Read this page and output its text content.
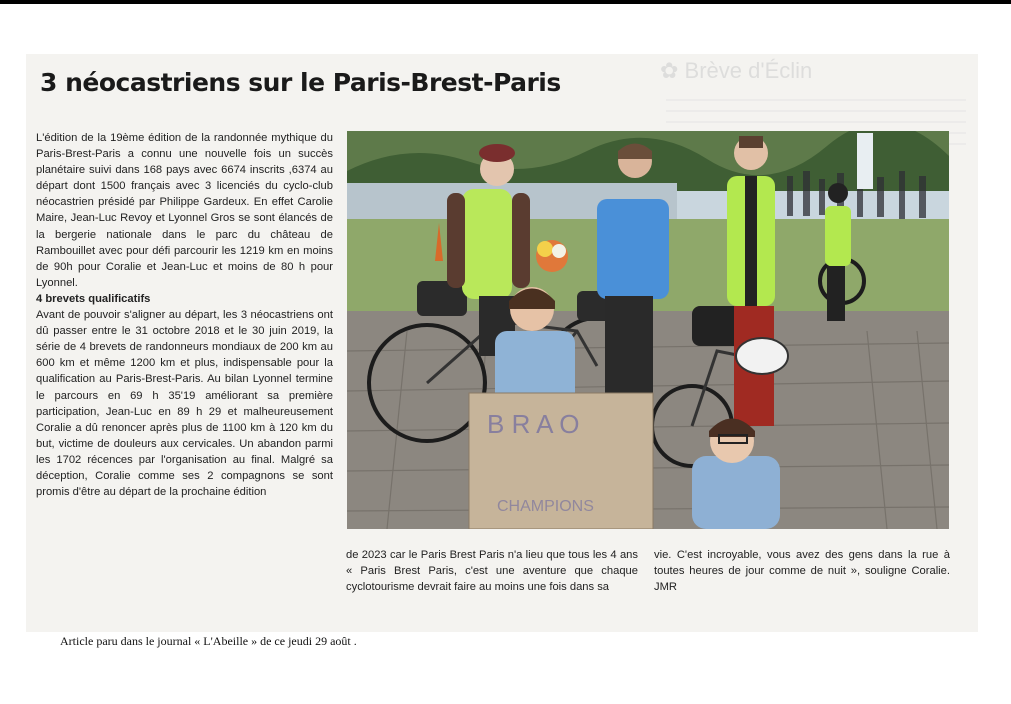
✿ Brève d'Éclin
3 néocastriens sur le Paris-Brest-Paris

L'édition de la 19ème édition de la randonnée mythique du Paris-Brest-Paris a connu une nouvelle fois un succès planétaire suivi dans 168 pays avec 6674 inscrits ,6374 au départ dont 1500 français avec 3 licenciés du cyclo-club néocastrien présidé par Philippe Gardeux. En effet Carolie Maire, Jean-Luc Revoy et Lyonnel Gros se sont élancés de la bergerie nationale dans le parc du château de Rambouillet avec pour défi parcourir les 1219 km en moins de 90h pour Coralie et Jean-Luc et moins de 80 h pour Lyonnel.

4 brevets qualificatifs

Avant de pouvoir s'aligner au départ, les 3 néocastriens ont dû passer entre le 31 octobre 2018 et le 30 juin 2019, la série de 4 brevets de randonneurs mondiaux de 200 km au 600 km et même 1200 km et plus, indispensable pour la qualification au Paris-Brest-Paris. Au bilan Lyonnel termine le parcours en 69 h 35'19 améliorant sa première participation, Jean-Luc en 89 h 29 et malheureusement Coralie a dû renoncer après plus de 1100 km à 120 km du but, victime de douleurs aux cervicales. Un abandon parmi les 1702 récences par l'organisation au final. Malgré sa déception, Coralie comme ses 2 compagnons se sont promis d'être au départ de la prochaine édition

B R A O
CHAMPIONS
de 2023 car le Paris Brest Paris n'a lieu que tous les 4 ans « Paris Brest Paris, c'est une aventure que chaque cyclotourisme devrait faire au moins une fois dans sa
vie. C'est incroyable, vous avez des gens dans la rue à toutes heures de jour comme de nuit », souligne Coralie. JMR

Article paru dans le journal « L'Abeille » de ce jeudi 29 août .
